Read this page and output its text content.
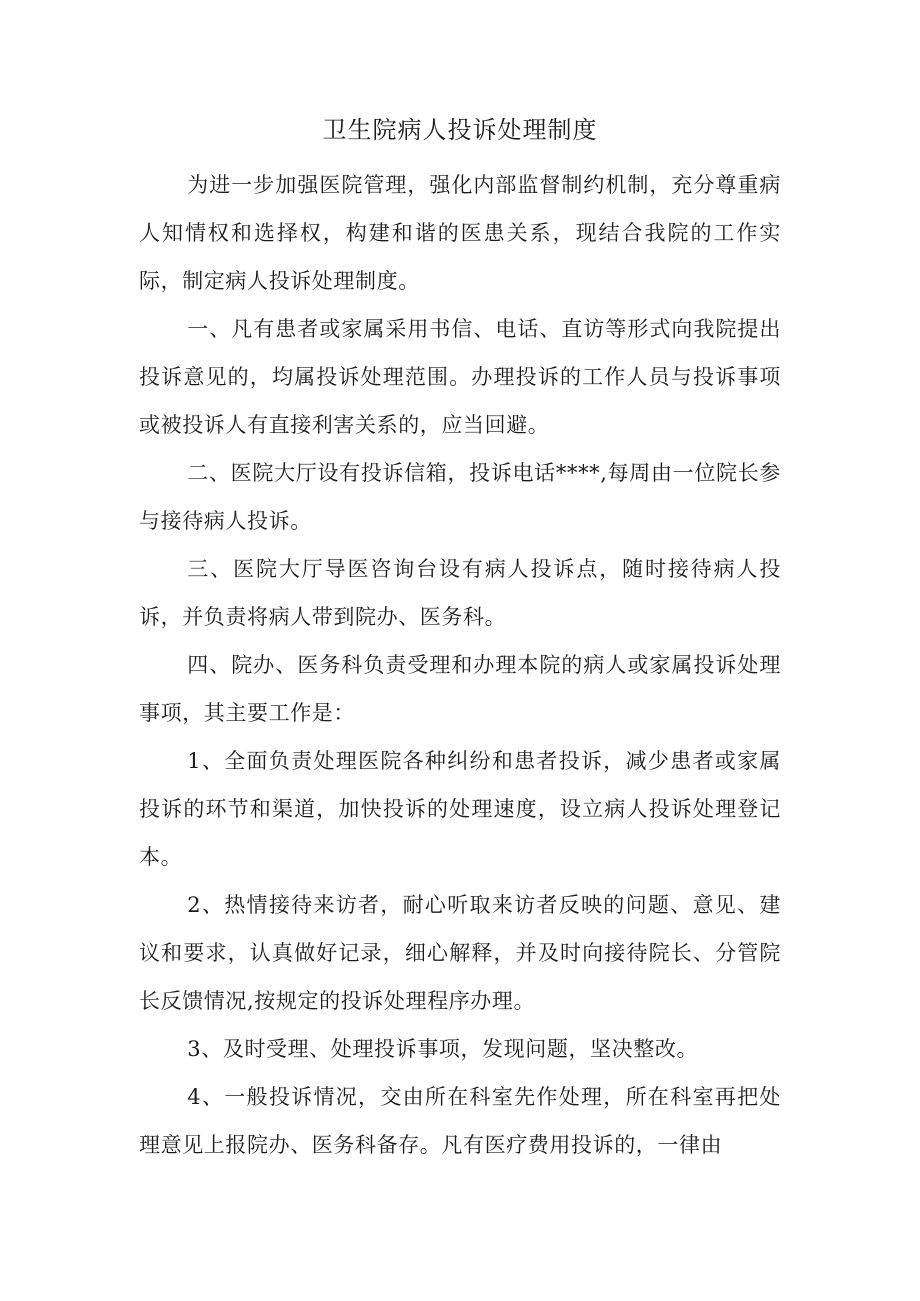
卫生院病人投诉处理制度

为进一步加强医院管理，强化内部监督制约机制，充分尊重病人知情权和选择权，构建和谐的医患关系，现结合我院的工作实际，制定病人投诉处理制度。

一、凡有患者或家属采用书信、电话、直访等形式向我院提出投诉意见的，均属投诉处理范围。办理投诉的工作人员与投诉事项或被投诉人有直接利害关系的，应当回避。

二、医院大厅设有投诉信箱，投诉电话****,每周由一位院长参与接待病人投诉。

三、医院大厅导医咨询台设有病人投诉点，随时接待病人投诉，并负责将病人带到院办、医务科。

四、院办、医务科负责受理和办理本院的病人或家属投诉处理事项，其主要工作是：

1、全面负责处理医院各种纠纷和患者投诉，减少患者或家属投诉的环节和渠道，加快投诉的处理速度，设立病人投诉处理登记本。

2、热情接待来访者，耐心听取来访者反映的问题、意见、建议和要求，认真做好记录，细心解释，并及时向接待院长、分管院长反馈情况,按规定的投诉处理程序办理。

3、及时受理、处理投诉事项，发现问题，坚决整改。

4、一般投诉情况，交由所在科室先作处理，所在科室再把处理意见上报院办、医务科备存。凡有医疗费用投诉的，一律由
